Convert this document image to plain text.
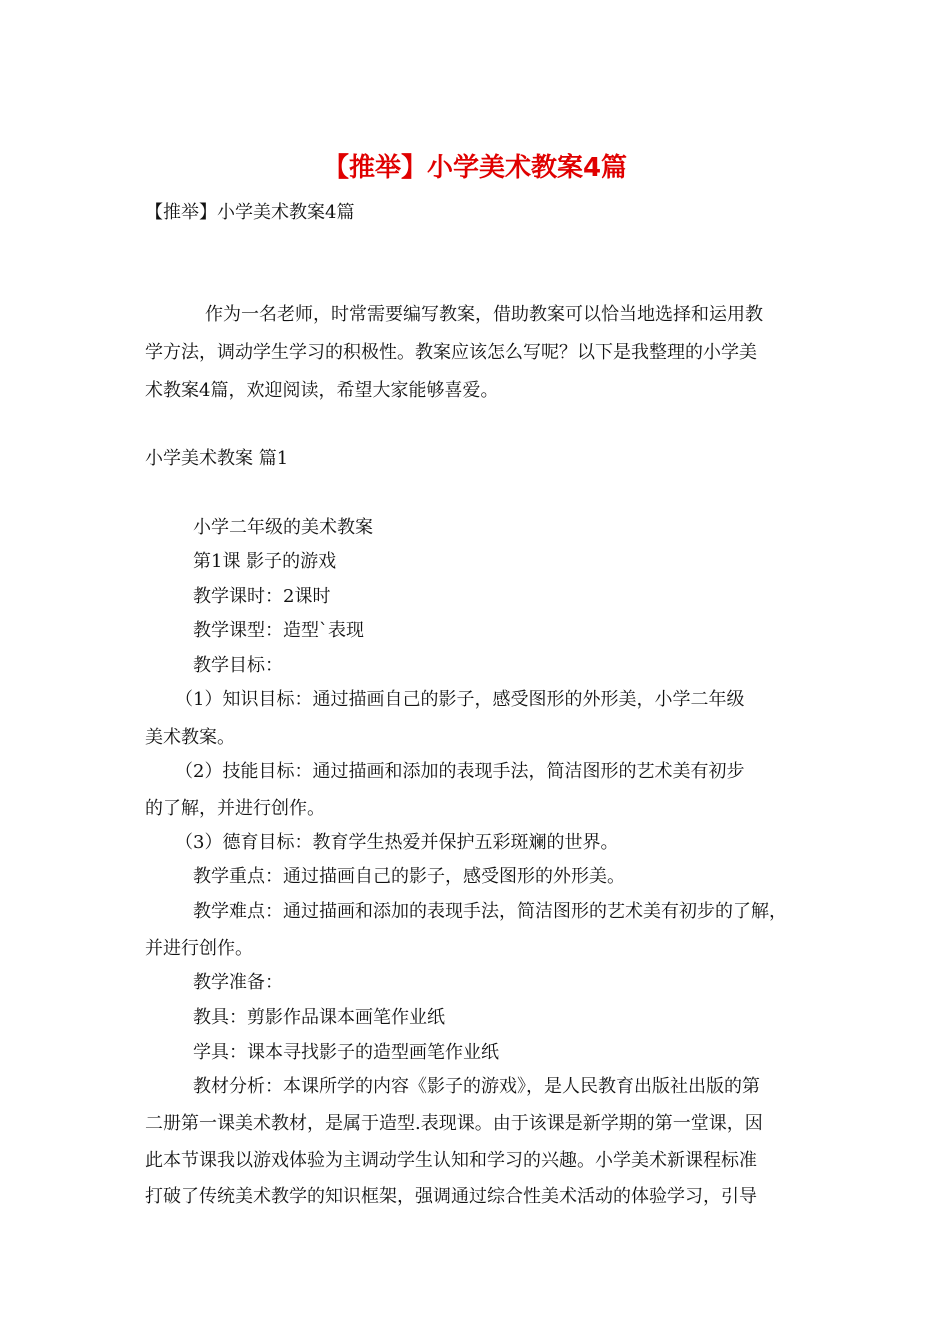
【推举】小学美术教案4篇

【推举】小学美术教案4篇

作为一名老师，时常需要编写教案，借助教案可以恰当地选择和运用教

学方法，调动学生学习的积极性。教案应该怎么写呢？以下是我整理的小学美

术教案4篇，欢迎阅读，希望大家能够喜爱。

小学美术教案 篇1

小学二年级的美术教案

第1课 影子的游戏

教学课时：2课时

教学课型：造型`表现

教学目标：

（1）知识目标：通过描画自己的影子，感受图形的外形美，小学二年级

美术教案。

（2）技能目标：通过描画和添加的表现手法，简洁图形的艺术美有初步

的了解，并进行创作。

（3）德育目标：教育学生热爱并保护五彩斑斓的世界。

教学重点：通过描画自己的影子，感受图形的外形美。

教学难点：通过描画和添加的表现手法，简洁图形的艺术美有初步的了解，

并进行创作。

教学准备：

教具：剪影作品课本画笔作业纸

学具：课本寻找影子的造型画笔作业纸

教材分析：本课所学的内容《影子的游戏》，是人民教育出版社出版的第

二册第一课美术教材，是属于造型.表现课。由于该课是新学期的第一堂课，因

此本节课我以游戏体验为主调动学生认知和学习的兴趣。小学美术新课程标准

打破了传统美术教学的知识框架，强调通过综合性美术活动的体验学习，引导
